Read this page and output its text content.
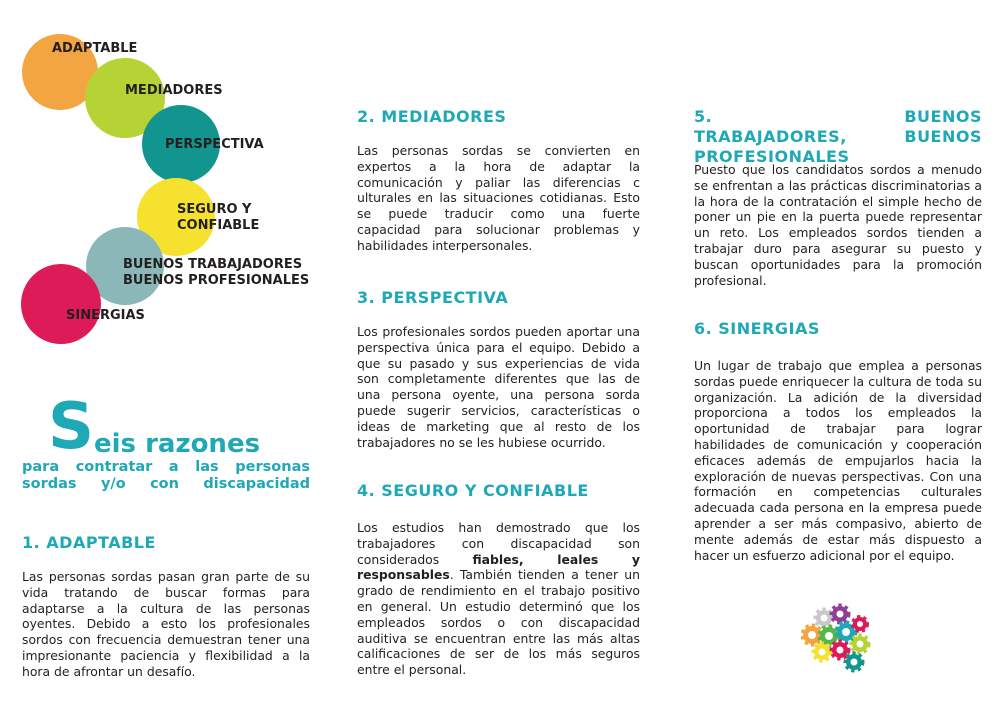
ADAPTABLE
MEDIADORES
PERSPECTIVA
SEGURO Y
CONFIABLE
BUENOS TRABAJADORES
BUENOS PROFESIONALES
SINERGIAS
S eis razones
para contratar a las personas sordas y/o con discapacidad
1. ADAPTABLE

Las personas sordas pasan gran parte de su vida tratando de buscar formas para adaptarse a la cultura de las personas oyentes. Debido a esto los profesionales sordos con frecuencia demuestran tener una impresionante paciencia y flexibilidad a la hora de afrontar un desafío.

2. MEDIADORES

Las personas sordas se convierten en expertos a la hora de adaptar la comunicación y paliar las diferencias c ulturales en las situaciones cotidianas. Esto se puede traducir como una fuerte capacidad para solucionar problemas y habilidades interpersonales.

3. PERSPECTIVA

Los profesionales sordos pueden aportar una perspectiva única para el equipo. Debido a que su pasado y sus experiencias de vida son completamente diferentes que las de una persona oyente, una persona sorda puede sugerir servicios, características o ideas de marketing que al resto de los trabajadores no se les hubiese ocurrido.

4. SEGURO Y CONFIABLE

Los estudios han demostrado que los trabajadores con discapacidad son considerados fiables, leales y responsables. También tienden a tener un grado de rendimiento en el trabajo positivo en general. Un estudio determinó que los empleados sordos o con discapacidad auditiva se encuentran entre las más altas calificaciones de ser de los más seguros entre el personal.

5. BUENOS TRABAJADORES, BUENOS PROFESIONALES

Puesto que los candidatos sordos a menudo se enfrentan a las prácticas discriminatorias a la hora de la contratación el simple hecho de poner un pie en la puerta puede representar un reto. Los empleados sordos tienden a trabajar duro para asegurar su puesto y buscan oportunidades para la promoción profesional.

6. SINERGIAS

Un lugar de trabajo que emplea a personas sordas puede enriquecer la cultura de toda su organización. La adición de la diversidad proporciona a todos los empleados la oportunidad de trabajar para lograr habilidades de comunicación y cooperación eficaces además de empujarlos hacia la exploración de nuevas perspectivas. Con una formación en competencias culturales adecuada cada persona en la empresa puede aprender a ser más compasivo, abierto de mente además de estar más dispuesto a hacer un esfuerzo adicional por el equipo.
